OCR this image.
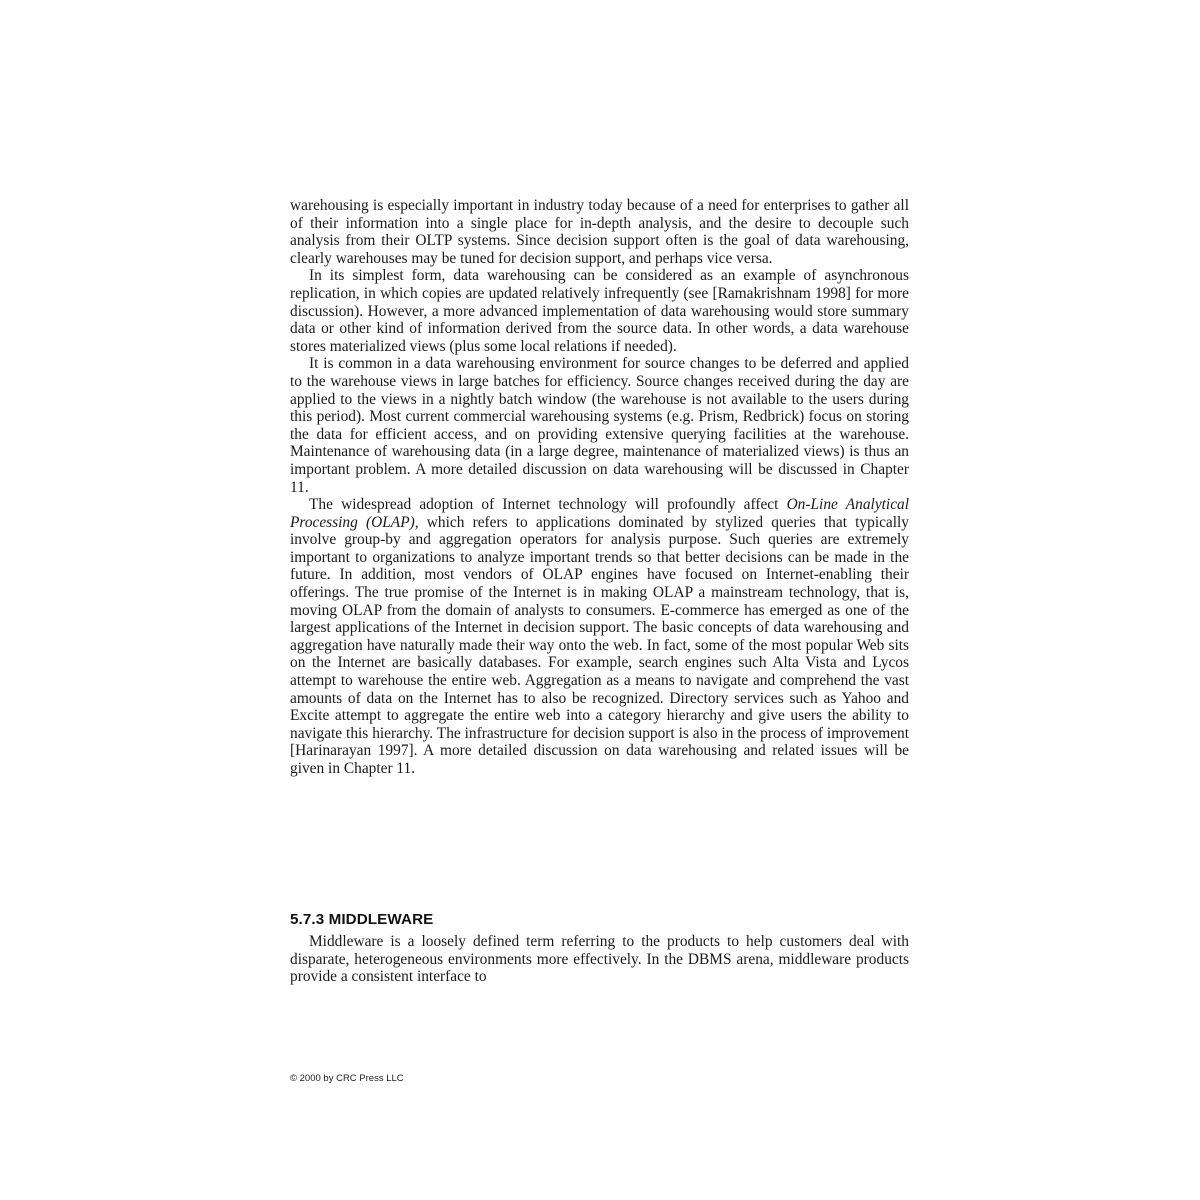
warehousing is especially important in industry today because of a need for enterprises to gather all of their information into a single place for in-depth analysis, and the desire to decouple such analysis from their OLTP systems. Since decision support often is the goal of data warehousing, clearly warehouses may be tuned for decision support, and perhaps vice versa.

In its simplest form, data warehousing can be considered as an example of asynchronous replication, in which copies are updated relatively infrequently (see [Ramakrishnam 1998] for more discussion). However, a more advanced implementation of data warehousing would store summary data or other kind of information derived from the source data. In other words, a data warehouse stores materialized views (plus some local relations if needed).

It is common in a data warehousing environment for source changes to be deferred and applied to the warehouse views in large batches for efficiency. Source changes received during the day are applied to the views in a nightly batch window (the warehouse is not available to the users during this period). Most current commercial warehousing systems (e.g. Prism, Redbrick) focus on storing the data for efficient access, and on providing extensive querying facilities at the warehouse. Maintenance of warehousing data (in a large degree, maintenance of materialized views) is thus an important problem. A more detailed discussion on data warehousing will be discussed in Chapter 11.

The widespread adoption of Internet technology will profoundly affect On-Line Analytical Processing (OLAP), which refers to applications dominated by stylized queries that typically involve group-by and aggregation operators for analysis purpose. Such queries are extremely important to organizations to analyze important trends so that better decisions can be made in the future. In addition, most vendors of OLAP engines have focused on Internet-enabling their offerings. The true promise of the Internet is in making OLAP a mainstream technology, that is, moving OLAP from the domain of analysts to consumers. E-commerce has emerged as one of the largest applications of the Internet in decision support. The basic concepts of data warehousing and aggregation have naturally made their way onto the web. In fact, some of the most popular Web sits on the Internet are basically databases. For example, search engines such Alta Vista and Lycos attempt to warehouse the entire web. Aggregation as a means to navigate and comprehend the vast amounts of data on the Internet has to also be recognized. Directory services such as Yahoo and Excite attempt to aggregate the entire web into a category hierarchy and give users the ability to navigate this hierarchy. The infrastructure for decision support is also in the process of improvement [Harinarayan 1997]. A more detailed discussion on data warehousing and related issues will be given in Chapter 11.

5.7.3 MIDDLEWARE

Middleware is a loosely defined term referring to the products to help customers deal with disparate, heterogeneous environments more effectively. In the DBMS arena, middleware products provide a consistent interface to

© 2000 by CRC Press LLC
